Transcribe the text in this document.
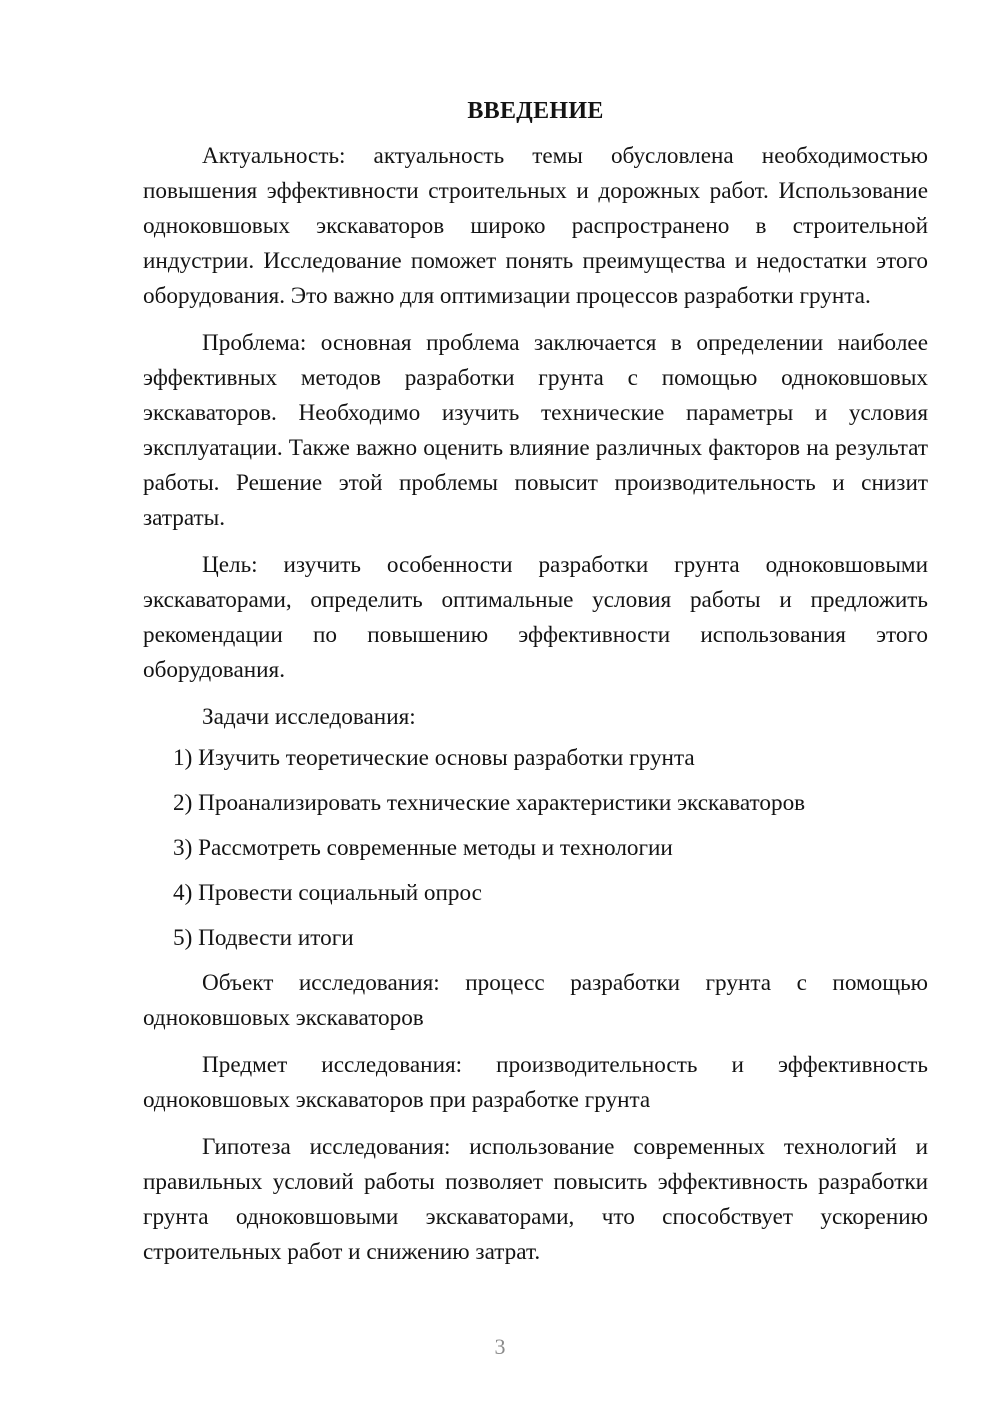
ВВЕДЕНИЕ

Актуальность: актуальность темы обусловлена необходимостью повышения эффективности строительных и дорожных работ. Использование одноковшовых экскаваторов широко распространено в строительной индустрии. Исследование поможет понять преимущества и недостатки этого оборудования. Это важно для оптимизации процессов разработки грунта.

Проблема: основная проблема заключается в определении наиболее эффективных методов разработки грунта с помощью одноковшовых экскаваторов. Необходимо изучить технические параметры и условия эксплуатации. Также важно оценить влияние различных факторов на результат работы. Решение этой проблемы повысит производительность и снизит затраты.

Цель: изучить особенности разработки грунта одноковшовыми экскаваторами, определить оптимальные условия работы и предложить рекомендации по повышению эффективности использования этого оборудования.

Задачи исследования:

1) Изучить теоретические основы разработки грунта
2) Проанализировать технические характеристики экскаваторов
3) Рассмотреть современные методы и технологии
4) Провести социальный опрос
5) Подвести итоги

Объект исследования: процесс разработки грунта с помощью одноковшовых экскаваторов

Предмет исследования: производительность и эффективность одноковшовых экскаваторов при разработке грунта

Гипотеза исследования: использование современных технологий и правильных условий работы позволяет повысить эффективность разработки грунта одноковшовыми экскаваторами, что способствует ускорению строительных работ и снижению затрат.

3
